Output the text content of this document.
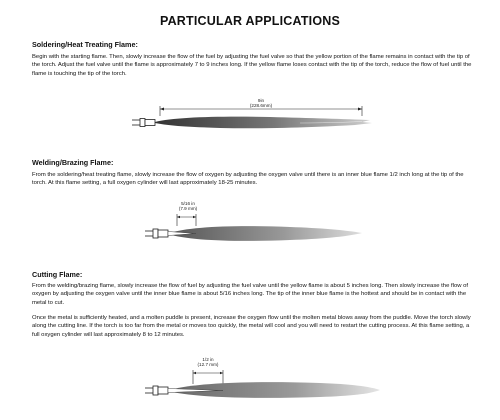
PARTICULAR APPLICATIONS
Soldering/Heat Treating Flame:
Begin with the starting flame. Then, slowly increase the flow of the fuel by adjusting the fuel valve so that the yellow portion of the flame remains in contact with the tip of the torch. Adjust the fuel valve until the flame is approximately 7 to 9 inches long. If the yellow flame loses contact with the tip of the torch, reduce the flow of fuel until the flame is touching the tip of the torch.
9in
(228.6mm)
Welding/Brazing Flame:
From the soldering/heat treating flame, slowly increase the flow of oxygen by adjusting the oxygen valve until there is an inner blue flame 1/2 inch long at the tip of the torch. At this flame setting, a full oxygen cylinder will last approximately 18-25 minutes.
5/16 in
(7.9 mm)
Cutting Flame:
From the welding/brazing flame, slowly increase the flow of fuel by adjusting the fuel valve until the yellow flame is about 5 inches long. Then slowly increase the flow of oxygen by adjusting the oxygen valve until the inner blue flame is about 5/16 inches long. The tip of the inner blue flame is the hottest and should be in contact with the metal to cut.
Once the metal is sufficiently heated, and a molten puddle is present, increase the oxygen flow until the molten metal blows away from the puddle. Move the torch slowly along the cutting line. If the torch is too far from the metal or moves too quickly, the metal will cool and you will need to restart the cutting process. At this flame setting, a full oxygen cylinder will last approximately 8 to 12 minutes.
1/2 in
(12.7 mm)
